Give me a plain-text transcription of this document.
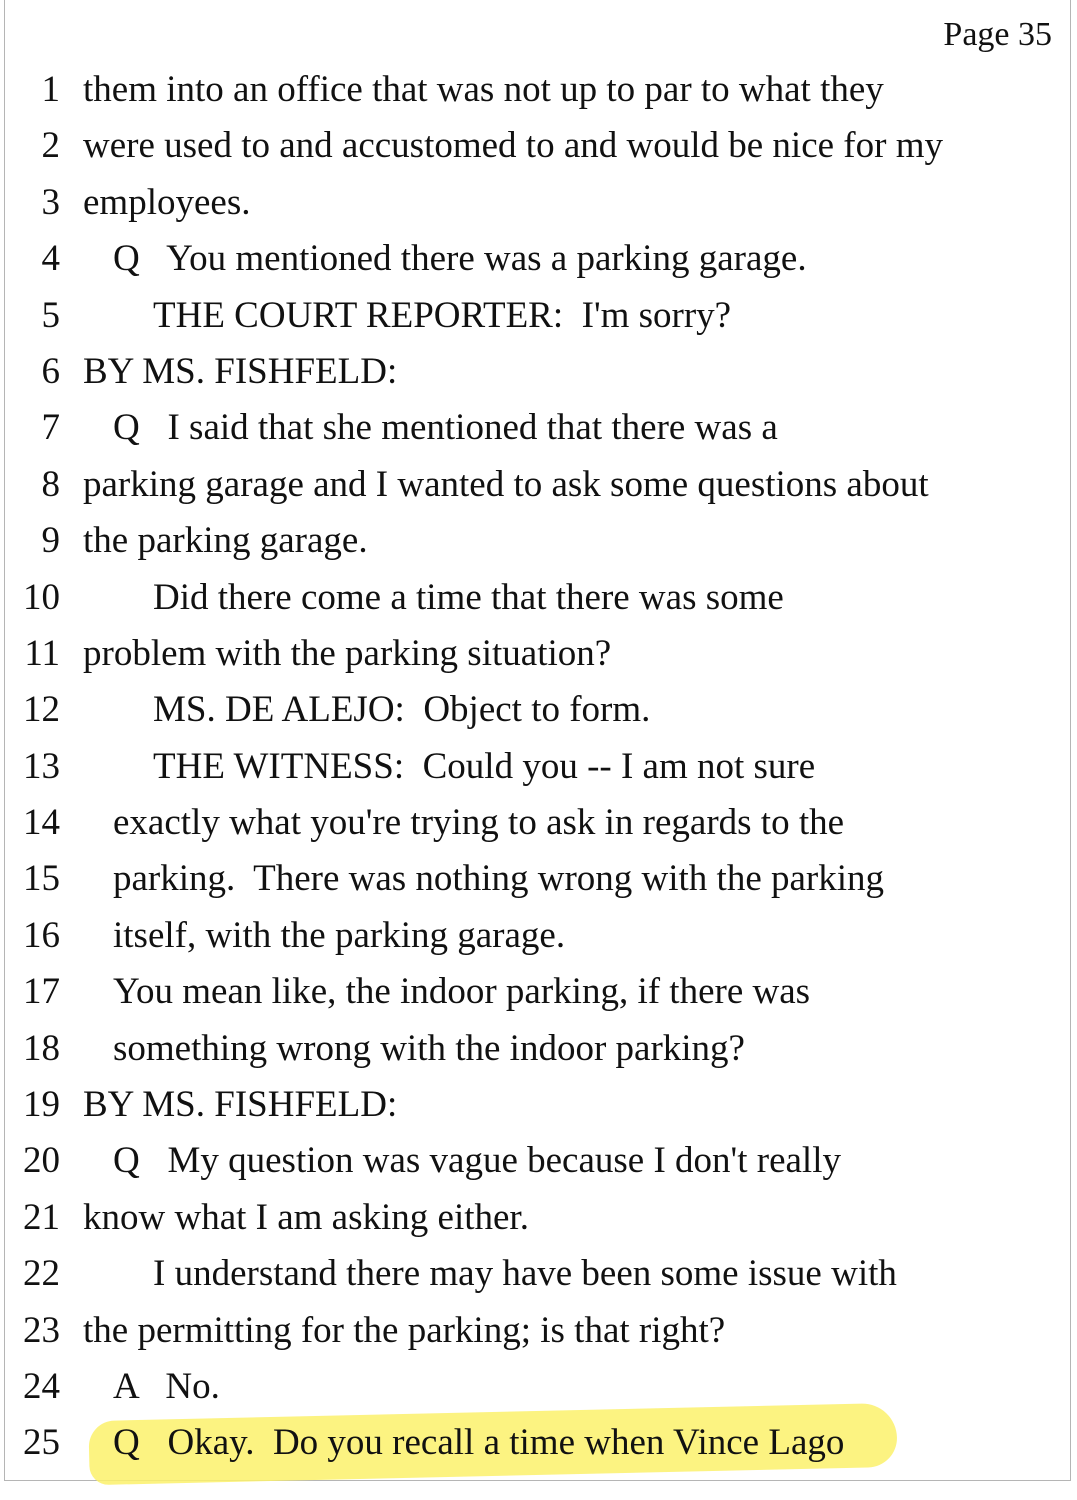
Page 35
1 them into an office that was not up to par to what they
2 were used to and accustomed to and would be nice for my
3 employees.
4	Q   You mentioned there was a parking garage.
5	THE COURT REPORTER:  I'm sorry?
6 BY MS. FISHFELD:
7	Q   I said that she mentioned that there was a
8 parking garage and I wanted to ask some questions about
9 the parking garage.
10	Did there come a time that there was some
11 problem with the parking situation?
12	MS. DE ALEJO:  Object to form.
13	THE WITNESS:  Could you -- I am not sure
14	exactly what you're trying to ask in regards to the
15	parking.  There was nothing wrong with the parking
16	itself, with the parking garage.
17	You mean like, the indoor parking, if there was
18	something wrong with the indoor parking?
19 BY MS. FISHFELD:
20	Q   My question was vague because I don't really
21 know what I am asking either.
22	I understand there may have been some issue with
23 the permitting for the parking; is that right?
24	A   No.
25	Q   Okay.  Do you recall a time when Vince Lago
